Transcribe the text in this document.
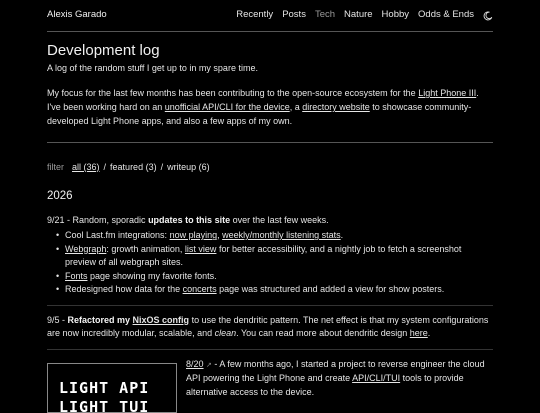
Alexis Garado	Recently Posts Tech Nature Hobby Odds & Ends
Development log

A log of the random stuff I get up to in my spare time.

My focus for the last few months has been contributing to the open-source ecosystem for the Light Phone III. I've been working hard on an unofficial API/CLI for the device, a directory website to showcase community-developed Light Phone apps, and also a few apps of my own.

filter all (36) / featured (3) / writeup (6)
2026

9/21 - Random, sporadic updates to this site over the last few weeks.

• Cool Last.fm integrations: now playing, weekly/monthly listening stats.
• Webgraph: growth animation, list view for better accessibility, and a nightly job to fetch a screenshot preview of all webgraph sites.
• Fonts page showing my favorite fonts.
• Redesigned how data for the concerts page was structured and added a view for show posters.

9/5 - Refactored my NixOS config to use the dendritic pattern. The net effect is that my system configurations are now incredibly modular, scalable, and clean. You can read more about dendritic design here.

LIGHT API
LIGHT TUI

8/20 ↗ - A few months ago, I started a project to reverse engineer the cloud API powering the Light Phone and create API/CLI/TUI tools to provide alternative access to the device.
